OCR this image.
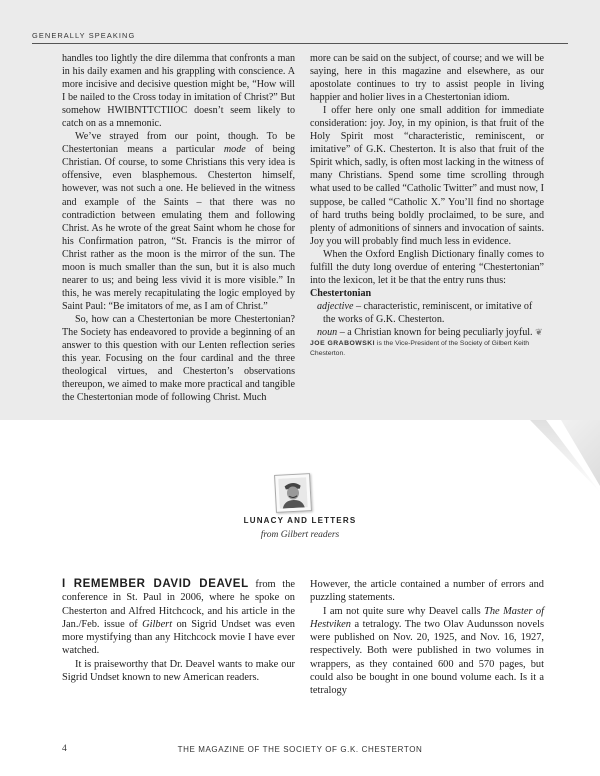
GENERALLY SPEAKING

handles too lightly the dire dilemma that confronts a man in his daily examen and his grappling with conscience. A more incisive and decisive question might be, “How will I be nailed to the Cross today in imitation of Christ?” But somehow HWIBNTTCTIIOC doesn’t seem likely to catch on as a mnemonic.

We’ve strayed from our point, though. To be Chestertonian means a particular mode of being Christian. Of course, to some Christians this very idea is offensive, even blasphemous. Chesterton himself, however, was not such a one. He believed in the witness and example of the Saints – that there was no contradiction between emulating them and following Christ. As he wrote of the great Saint whom he chose for his Confirmation patron, “St. Francis is the mirror of Christ rather as the moon is the mirror of the sun. The moon is much smaller than the sun, but it is also much nearer to us; and being less vivid it is more visible.” In this, he was merely recapitulating the logic employed by Saint Paul: “Be imitators of me, as I am of Christ.”

So, how can a Chestertonian be more Chestertonian? The Society has endeavored to provide a beginning of an answer to this question with our Lenten reflection series this year. Focusing on the four cardinal and the three theological virtues, and Chesterton’s observations thereupon, we aimed to make more practical and tangible the Chestertonian mode of following Christ. Much

more can be said on the subject, of course; and we will be saying, here in this magazine and elsewhere, as our apostolate continues to try to assist people in living happier and holier lives in a Chestertonian idiom.

I offer here only one small addition for immediate consideration: joy. Joy, in my opinion, is that fruit of the Holy Spirit most “characteristic, reminiscent, or imitative” of G.K. Chesterton. It is also that fruit of the Spirit which, sadly, is often most lacking in the witness of many Christians. Spend some time scrolling through what used to be called “Catholic Twitter” and must now, I suppose, be called “Catholic X.” You’ll find no shortage of hard truths being boldly proclaimed, to be sure, and plenty of admonitions of sinners and invocation of saints. Joy you will probably find much less in evidence.

When the Oxford English Dictionary finally comes to fulfill the duty long overdue of entering “Chestertonian” into the lexicon, let it be that the entry runs thus:

Chestertonian

adjective – characteristic, reminiscent, or imitative of the works of G.K. Chesterton.

noun – a Christian known for being peculiarly joyful. ❦

JOE GRABOWSKI is the Vice-President of the Society of Gilbert Keith Chesterton.

LUNACY AND LETTERS
from Gilbert readers

I REMEMBER DAVID DEAVEL from the conference in St. Paul in 2006, where he spoke on Chesterton and Alfred Hitchcock, and his article in the Jan./Feb. issue of Gilbert on Sigrid Undset was even more mystifying than any Hitchcock movie I have ever watched.

It is praiseworthy that Dr. Deavel wants to make our Sigrid Undset known to new American readers.

However, the article contained a number of errors and puzzling statements.

I am not quite sure why Deavel calls The Master of Hestviken a tetralogy. The two Olav Audunsson novels were published on Nov. 20, 1925, and Nov. 16, 1927, respectively. Both were published in two volumes in wrappers, as they contained 600 and 570 pages, but could also be bought in one bound volume each. Is it a tetralogy

4	THE MAGAZINE OF THE SOCIETY OF G.K. CHESTERTON
